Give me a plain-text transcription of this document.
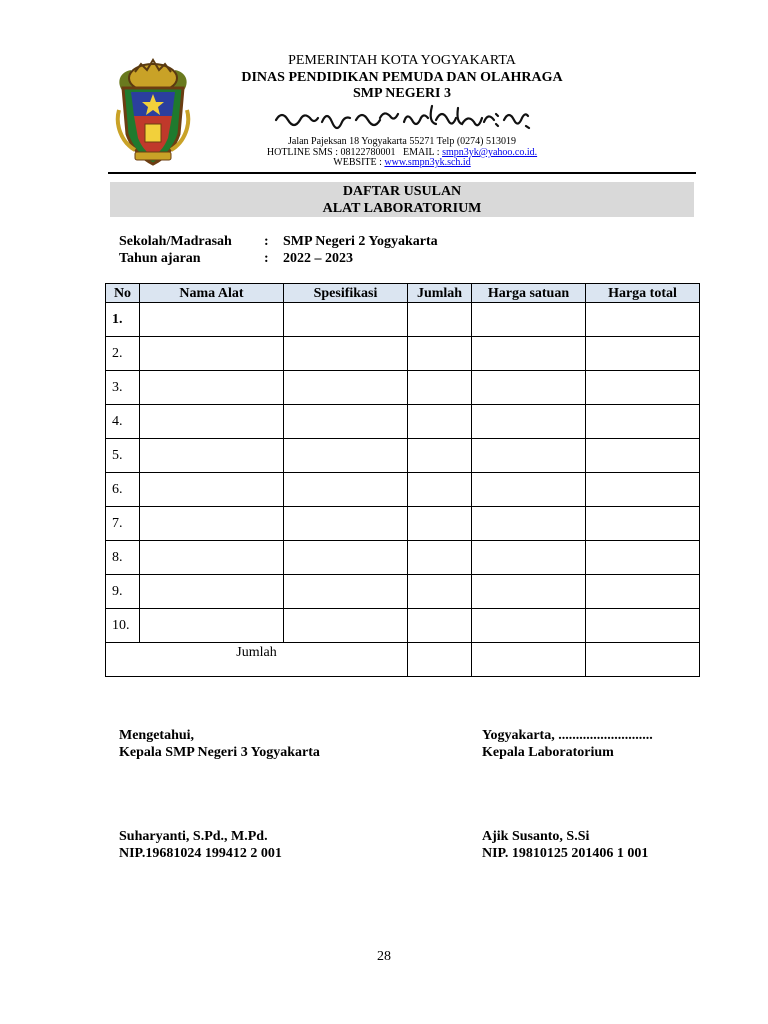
PEMERINTAH KOTA YOGYAKARTA
DINAS PENDIDIKAN PEMUDA DAN OLAHRAGA
SMP NEGERI 3
Jalan Pajeksan 18 Yogyakarta 55271 Telp (0274) 513019
HOTLINE SMS : 08122780001   EMAIL : smpn3yk@yahoo.co.id.
WEBSITE : www.smpn3yk.sch.id
DAFTAR USULAN
ALAT LABORATORIUM
Sekolah/Madrasah : SMP Negeri 2 Yogyakarta
Tahun ajaran	: 2022 – 2023
No	Nama Alat	Spesifikasi	Jumlah	Harga satuan	Harga total
1.					
2.					
3.					
4.					
5.					
6.					
7.					
8.					
9.					
10.					
Jumlah					
Mengetahui,
Kepala SMP Negeri 3 Yogyakarta
Suharyanti, S.Pd., M.Pd.
NIP.19681024 199412 2 001
Yogyakarta, ...........................
Kepala Laboratorium
Ajik Susanto, S.Si
NIP. 19810125 201406 1 001
28
